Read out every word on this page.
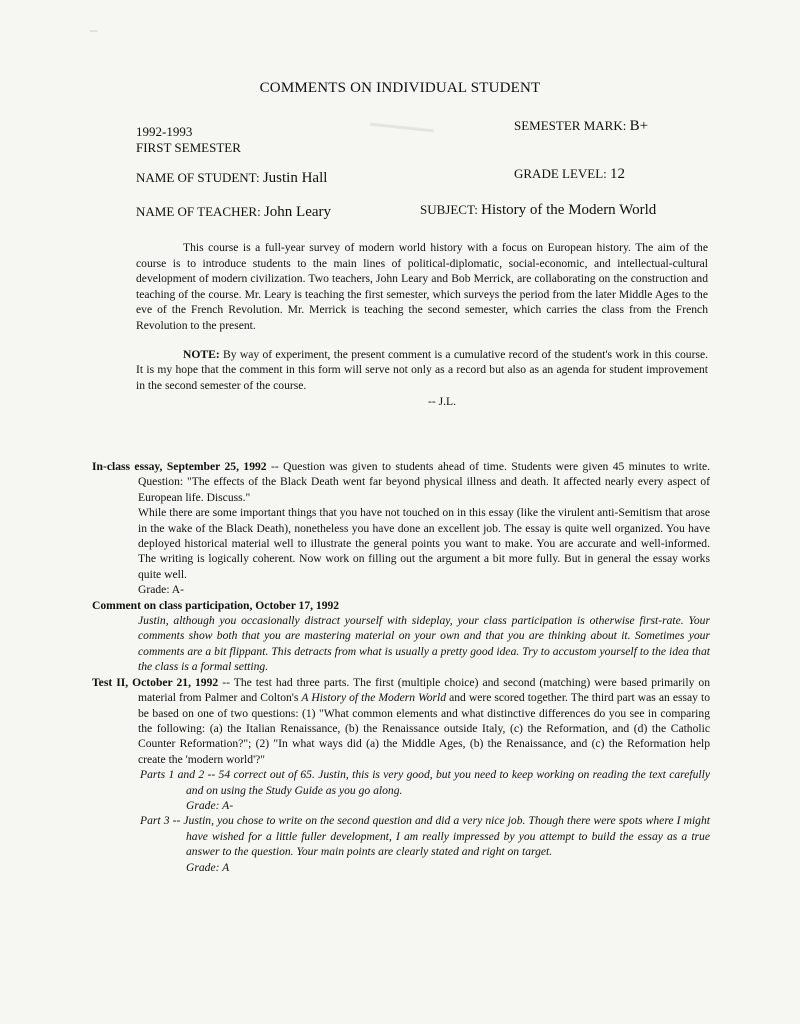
COMMENTS ON INDIVIDUAL STUDENT
1992-1993
FIRST SEMESTER
SEMESTER MARK: B+
NAME OF STUDENT: Justin Hall	GRADE LEVEL: 12
NAME OF TEACHER: John Leary	SUBJECT: History of the Modern World

This course is a full-year survey of modern world history with a focus on European history. The aim of the course is to introduce students to the main lines of political-diplomatic, social-economic, and intellectual-cultural development of modern civilization. Two teachers, John Leary and Bob Merrick, are collaborating on the construction and teaching of the course. Mr. Leary is teaching the first semester, which surveys the period from the later Middle Ages to the eve of the French Revolution. Mr. Merrick is teaching the second semester, which carries the class from the French Revolution to the present.

NOTE: By way of experiment, the present comment is a cumulative record of the student's work in this course. It is my hope that the comment in this form will serve not only as a record but also as an agenda for student improvement in the second semester of the course.

-- J.L.

In-class essay, September 25, 1992 -- Question was given to students ahead of time. Students were given 45 minutes to write. Question: "The effects of the Black Death went far beyond physical illness and death. It affected nearly every aspect of European life. Discuss."
While there are some important things that you have not touched on in this essay (like the virulent anti-Semitism that arose in the wake of the Black Death), nonetheless you have done an excellent job. The essay is quite well organized. You have deployed historical material well to illustrate the general points you want to make. You are accurate and well-informed. The writing is logically coherent. Now work on filling out the argument a bit more fully. But in general the essay works quite well.
Grade: A-
Comment on class participation, October 17, 1992
Justin, although you occasionally distract yourself with sideplay, your class participation is otherwise first-rate. Your comments show both that you are mastering material on your own and that you are thinking about it. Sometimes your comments are a bit flippant. This detracts from what is usually a pretty good idea. Try to accustom yourself to the idea that the class is a formal setting.
Test II, October 21, 1992 -- The test had three parts. The first (multiple choice) and second (matching) were based primarily on material from Palmer and Colton's A History of the Modern World and were scored together. The third part was an essay to be based on one of two questions: (1) "What common elements and what distinctive differences do you see in comparing the following: (a) the Italian Renaissance, (b) the Renaissance outside Italy, (c) the Reformation, and (d) the Catholic Counter Reformation?"; (2) "In what ways did (a) the Middle Ages, (b) the Renaissance, and (c) the Reformation help create the 'modern world'?"
Parts 1 and 2 -- 54 correct out of 65. Justin, this is very good, but you need to keep working on reading the text carefully and on using the Study Guide as you go along.
Grade: A-
Part 3 -- Justin, you chose to write on the second question and did a very nice job. Though there were spots where I might have wished for a little fuller development, I am really impressed by you attempt to build the essay as a true answer to the question. Your main points are clearly stated and right on target.
Grade: A
